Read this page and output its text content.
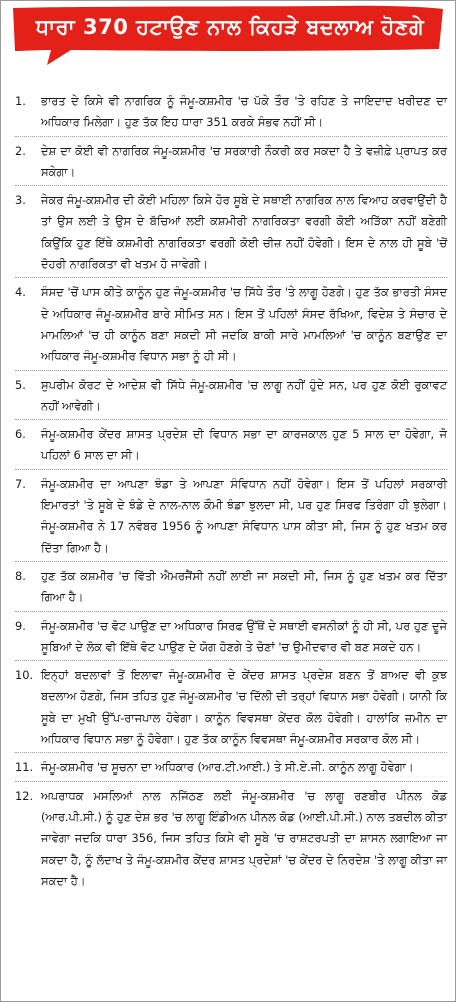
ਧਾਰਾ 370 ਹਟਾਉਣ ਨਾਲ ਕਿਹੜੇ ਬਦਲਾਅ ਹੋਣਗੇ
1.	ਭਾਰਤ ਦੇ ਕਿਸੇ ਵੀ ਨਾਗਰਿਕ ਨੂੰ ਜੰਮੂ-ਕਸ਼ਮੀਰ 'ਚ ਪੱਕੇ ਤੌਰ 'ਤੇ ਰਹਿਣ ਤੇ ਜਾਇਦਾਦ ਖਰੀਦਣ ਦਾ ਅਧਿਕਾਰ ਮਿਲੇਗਾ। ਹੁਣ ਤੱਕ ਇਹ ਧਾਰਾ 351 ਕਰਕੇ ਸੰਭਵ ਨਹੀਂ ਸੀ।
2.	ਦੇਸ਼ ਦਾ ਕੋਈ ਵੀ ਨਾਗਰਿਕ ਜੰਮੂ-ਕਸ਼ਮੀਰ 'ਚ ਸਰਕਾਰੀ ਨੌਕਰੀ ਕਰ ਸਕਦਾ ਹੈ ਤੇ ਵਜ਼ੀਫ਼ੇ ਪ੍ਰਾਪਤ ਕਰ ਸਕੇਗਾ।
3.	ਜੇਕਰ ਜੰਮੂ-ਕਸ਼ਮੀਰ ਦੀ ਕੋਈ ਮਹਿਲਾ ਕਿਸੇ ਹੋਰ ਸੂਬੇ ਦੇ ਸਥਾਈ ਨਾਗਰਿਕ ਨਾਲ ਵਿਆਹ ਕਰਵਾਉਂਦੀ ਹੈ ਤਾਂ ਉਸ ਲਈ ਤੇ ਉਸ ਦੇ ਬੱਚਿਆਂ ਲਈ ਕਸ਼ਮੀਰੀ ਨਾਗਰਿਕਤਾ ਵਰਗੀ ਕੋਈ ਅੜਿੱਕਾ ਨਹੀਂ ਬਣੇਗੀ ਕਿਉਂਕਿ ਹੁਣ ਇੱਥੇ ਕਸ਼ਮੀਰੀ ਨਾਗਰਿਕਤਾ ਵਰਗੀ ਕੋਈ ਚੀਜ਼ ਨਹੀਂ ਹੋਵੇਗੀ। ਇਸ ਦੇ ਨਾਲ ਹੀ ਸੂਬੇ 'ਚੋਂ ਦੋਹਰੀ ਨਾਗਰਿਕਤਾ ਵੀ ਖਤਮ ਹੋ ਜਾਵੇਗੀ।
4.	ਸੰਸਦ 'ਚੋਂ ਪਾਸ ਕੀਤੇ ਕਾਨੂੰਨ ਹੁਣ ਜੰਮੂ-ਕਸ਼ਮੀਰ 'ਚ ਸਿੱਧੇ ਤੌਰ 'ਤੇ ਲਾਗੂ ਹੋਣਗੇ। ਹੁਣ ਤੱਕ ਭਾਰਤੀ ਸੰਸਦ ਦੇ ਅਧਿਕਾਰ ਜੰਮੂ-ਕਸ਼ਮੀਰ ਬਾਰੇ ਸੀਮਿਤ ਸਨ। ਇਸ ਤੋਂ ਪਹਿਲਾਂ ਸੰਸਦ ਰੱਖਿਆ, ਵਿਦੇਸ਼ ਤੇ ਸੰਚਾਰ ਦੇ ਮਾਮਲਿਆਂ 'ਚ ਹੀ ਕਾਨੂੰਨ ਬਣਾ ਸਕਦੀ ਸੀ ਜਦਕਿ ਬਾਕੀ ਸਾਰੇ ਮਾਮਲਿਆਂ 'ਚ ਕਾਨੂੰਨ ਬਣਾਉਣ ਦਾ ਅਧਿਕਾਰ ਜੰਮੂ-ਕਸ਼ਮੀਰ ਵਿਧਾਨ ਸਭਾ ਨੂੰ ਹੀ ਸੀ।
5.	ਸੁਪਰੀਮ ਕੋਰਟ ਦੇ ਆਦੇਸ਼ ਵੀ ਸਿੱਧੇ ਜੰਮੂ-ਕਸ਼ਮੀਰ 'ਚ ਲਾਗੂ ਨਹੀਂ ਹੁੰਦੇ ਸਨ, ਪਰ ਹੁਣ ਕੋਈ ਰੁਕਾਵਟ ਨਹੀਂ ਆਵੇਗੀ।
6.	ਜੰਮੂ-ਕਸ਼ਮੀਰ ਕੇਂਦਰ ਸ਼ਾਸਤ ਪ੍ਰਦੇਸ਼ ਦੀ ਵਿਧਾਨ ਸਭਾ ਦਾ ਕਾਰਜਕਾਲ ਹੁਣ 5 ਸਾਲ ਦਾ ਹੋਵੇਗਾ, ਜੋ ਪਹਿਲਾਂ 6 ਸਾਲ ਦਾ ਸੀ।
7.	ਜੰਮੂ-ਕਸ਼ਮੀਰ ਦਾ ਆਪਣਾ ਝੰਡਾ ਤੇ ਆਪਣਾ ਸੰਵਿਧਾਨ ਨਹੀਂ ਹੋਵੇਗਾ। ਇਸ ਤੋਂ ਪਹਿਲਾਂ ਸਰਕਾਰੀ ਇਮਾਰਤਾਂ 'ਤੇ ਸੂਬੇ ਦੇ ਝੰਡੇ ਦੇ ਨਾਲ-ਨਾਲ ਕੌਮੀ ਝੰਡਾ ਝੁਲਦਾ ਸੀ, ਪਰ ਹੁਣ ਸਿਰਫ ਤਿਰੰਗਾ ਹੀ ਝੁਲੇਗਾ। ਜੰਮੂ-ਕਸ਼ਮੀਰ ਨੇ 17 ਨਵੰਬਰ 1956 ਨੂੰ ਆਪਣਾ ਸੰਵਿਧਾਨ ਪਾਸ ਕੀਤਾ ਸੀ, ਜਿਸ ਨੂੰ ਹੁਣ ਖਤਮ ਕਰ ਦਿੱਤਾ ਗਿਆ ਹੈ।
8.	ਹੁਣ ਤੱਕ ਕਸ਼ਮੀਰ 'ਚ ਵਿੱਤੀ ਐਮਰਜੈਂਸੀ ਨਹੀਂ ਲਾਈ ਜਾ ਸਕਦੀ ਸੀ, ਜਿਸ ਨੂੰ ਹੁਣ ਖਤਮ ਕਰ ਦਿੱਤਾ ਗਿਆ ਹੈ।
9.	ਜੰਮੂ-ਕਸ਼ਮੀਰ 'ਚ ਵੋਟ ਪਾਉਣ ਦਾ ਅਧਿਕਾਰ ਸਿਰਫ ਉੱਥੋਂ ਦੇ ਸਥਾਈ ਵਸਨੀਕਾਂ ਨੂੰ ਹੀ ਸੀ, ਪਰ ਹੁਣ ਦੂਜੇ ਸੂਬਿਆਂ ਦੇ ਲੋਕ ਵੀ ਇੱਥੇ ਵੋਟ ਪਾਉਣ ਦੇ ਯੋਗ ਹੋਣਗੇ ਤੇ ਚੋਣਾਂ 'ਚ ਉਮੀਦਵਾਰ ਵੀ ਬਣ ਸਕਦੇ ਹਨ।
10. ਇਨ੍ਹਾਂ ਬਦਲਾਵਾਂ ਤੋਂ ਇਲਾਵਾ ਜੰਮੂ-ਕਸ਼ਮੀਰ ਦੇ ਕੇਂਦਰ ਸ਼ਾਸਤ ਪ੍ਰਦੇਸ਼ ਬਣਨ ਤੋਂ ਬਾਅਦ ਵੀ ਕੁਝ ਬਦਲਾਅ ਹੋਣਗੇ, ਜਿਸ ਤਹਿਤ ਹੁਣ ਜੰਮੂ-ਕਸ਼ਮੀਰ 'ਚ ਦਿੱਲੀ ਦੀ ਤਰ੍ਹਾਂ ਵਿਧਾਨ ਸਭਾ ਹੋਵੇਗੀ। ਯਾਨੀ ਕਿ ਸੂਬੇ ਦਾ ਮੁਖੀ ਉੱਪ-ਰਾਜਪਾਲ ਹੋਵੇਗਾ। ਕਾਨੂੰਨ ਵਿਵਸਥਾ ਕੇਂਦਰ ਕੋਲ ਹੋਵੇਗੀ। ਹਾਲਾਂਕਿ ਜ਼ਮੀਨ ਦਾ ਅਧਿਕਾਰ ਵਿਧਾਨ ਸਭਾ ਨੂੰ ਹੋਵੇਗਾ। ਹੁਣ ਤੱਕ ਕਾਨੂੰਨ ਵਿਵਸਥਾ ਜੰਮੂ-ਕਸ਼ਮੀਰ ਸਰਕਾਰ ਕੋਲ ਸੀ।
11. ਜੰਮੂ-ਕਸ਼ਮੀਰ 'ਚ ਸੂਚਨਾ ਦਾ ਅਧਿਕਾਰ (ਆਰ.ਟੀ.ਆਈ.) ਤੇ ਸੀ.ਏ.ਜੀ. ਕਾਨੂੰਨ ਲਾਗੂ ਹੋਵੇਗਾ।
12. ਅਪਰਾਧਕ ਮਸਲਿਆਂ ਨਾਲ ਨਜਿੱਠਣ ਲਈ ਜੰਮੂ-ਕਸ਼ਮੀਰ 'ਚ ਲਾਗੂ ਰਣਬੀਰ ਪੀਨਲ ਕੋਡ (ਆਰ.ਪੀ.ਸੀ.) ਨੂੰ ਹੁਣ ਦੇਸ਼ ਭਰ 'ਚ ਲਾਗੂ ਇੰਡੀਅਨ ਪੀਨਲ ਕੋਡ (ਆਈ.ਪੀ.ਸੀ.) ਨਾਲ ਤਬਦੀਲ ਕੀਤਾ ਜਾਵੇਗਾ ਜਦਕਿ ਧਾਰਾ 356, ਜਿਸ ਤਹਿਤ ਕਿਸੇ ਵੀ ਸੂਬੇ 'ਚ ਰਾਸ਼ਟਰਪਤੀ ਦਾ ਸ਼ਾਸਨ ਲਗਾਇਆ ਜਾ ਸਕਦਾ ਹੈ, ਨੂੰ ਲੱਦਾਖ ਤੇ ਜੰਮੂ-ਕਸ਼ਮੀਰ ਕੇਂਦਰ ਸ਼ਾਸਤ ਪ੍ਰਦੇਸ਼ਾਂ 'ਚ ਕੇਂਦਰ ਦੇ ਨਿਰਦੇਸ਼ 'ਤੇ ਲਾਗੂ ਕੀਤਾ ਜਾ ਸਕਦਾ ਹੈ।
